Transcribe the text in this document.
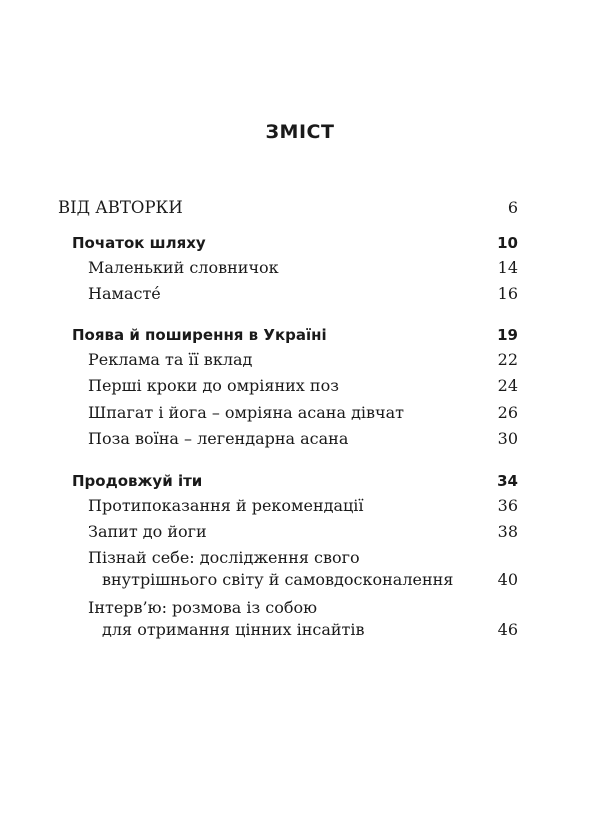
ЗМІСТ
ВІД АВТОРКИ	6
Початок шляху	10
Маленький словничок	14
Намасте́	16
Поява й поширення в Україні	19
Реклама та її вклад	22
Перші кроки до омріяних поз	24
Шпагат і йога – омріяна асана дівчат	26
Поза воїна – легендарна асана	30
Продовжуй іти	34
Протипоказання й рекомендації	36
Запит до йоги	38
Пізнай себе: дослідження свого
внутрішнього світу й самовдосконалення	40
Інтерв’ю: розмова із собою
для отримання цінних інсайтів	46
